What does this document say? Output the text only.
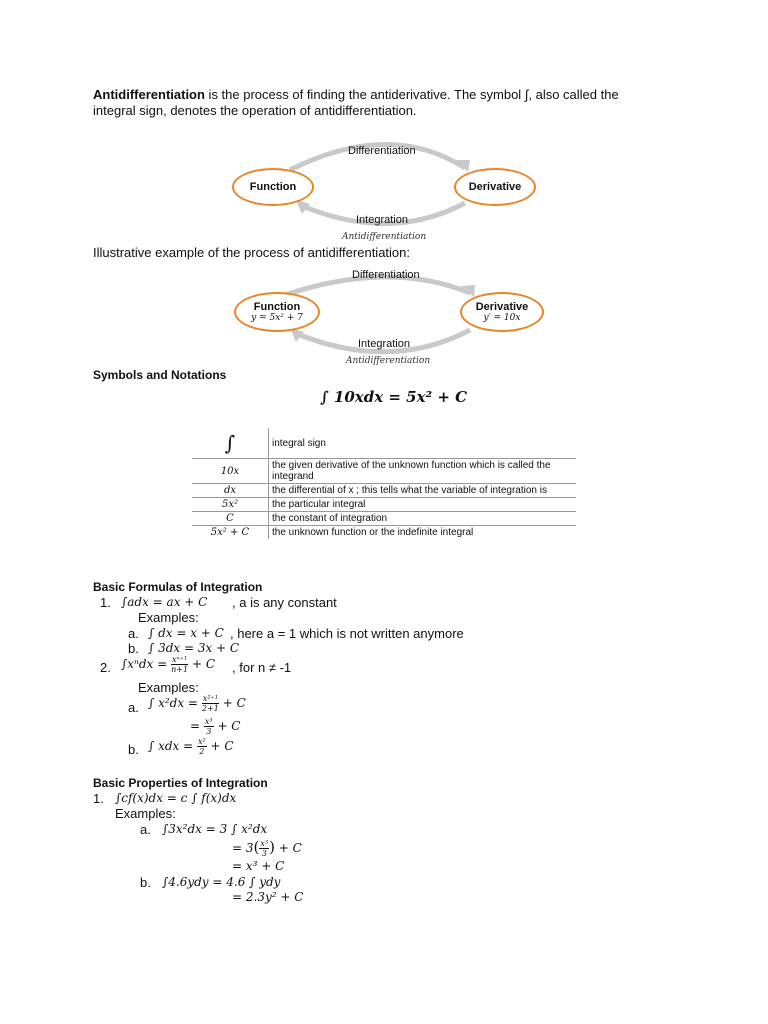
Antidifferentiation is the process of finding the antiderivative. The symbol ∫, also called the integral sign, denotes the operation of antidifferentiation.

Function	Derivative
Differentiation
Integration
Antidifferentiation
Illustrative example of the process of antidifferentiation:
Function
y = 5x² + 7
Derivative
y′ = 10x
Differentiation
Integration
Antidifferentiation
Symbols and Notations
∫ 10xdx = 5x² + C
∫	integral sign
10x	the given derivative of the unknown function which is called the integrand
dx	the differential of x ; this tells what the variable of integration is
5x²	the particular integral
C	the constant of integration
5x² + C	the unknown function or the indefinite integral
Basic Formulas of Integration
1. ∫adx = ax + C , a is any constant
Examples:
a. ∫ dx = x + C , here a = 1 which is not written anymore
b. ∫ 3dx = 3x + C
2. $\int x^ndx = \frac{\text{xⁿ⁺¹}}{n+1} + C$ , for n ≠ -1
Examples:
a. ∫ $x^2dx = \frac{\text{x²⁺¹}}{2+1} + C$
= $\frac{\text{x³}}{3} + C$
b. ∫ xdx = $\frac{\text{x²}}{2} + C$
Basic Properties of Integration
1. ∫cf(x)dx = c ∫ f(x)dx
Examples:
a. ∫3x²dx = 3 ∫ x²dx
= $3( \frac{\text{x³}}{3}$ ) + C
= x³ + C
b. ∫4.6ydy = 4.6 ∫ ydy
= 2.3y² + C
